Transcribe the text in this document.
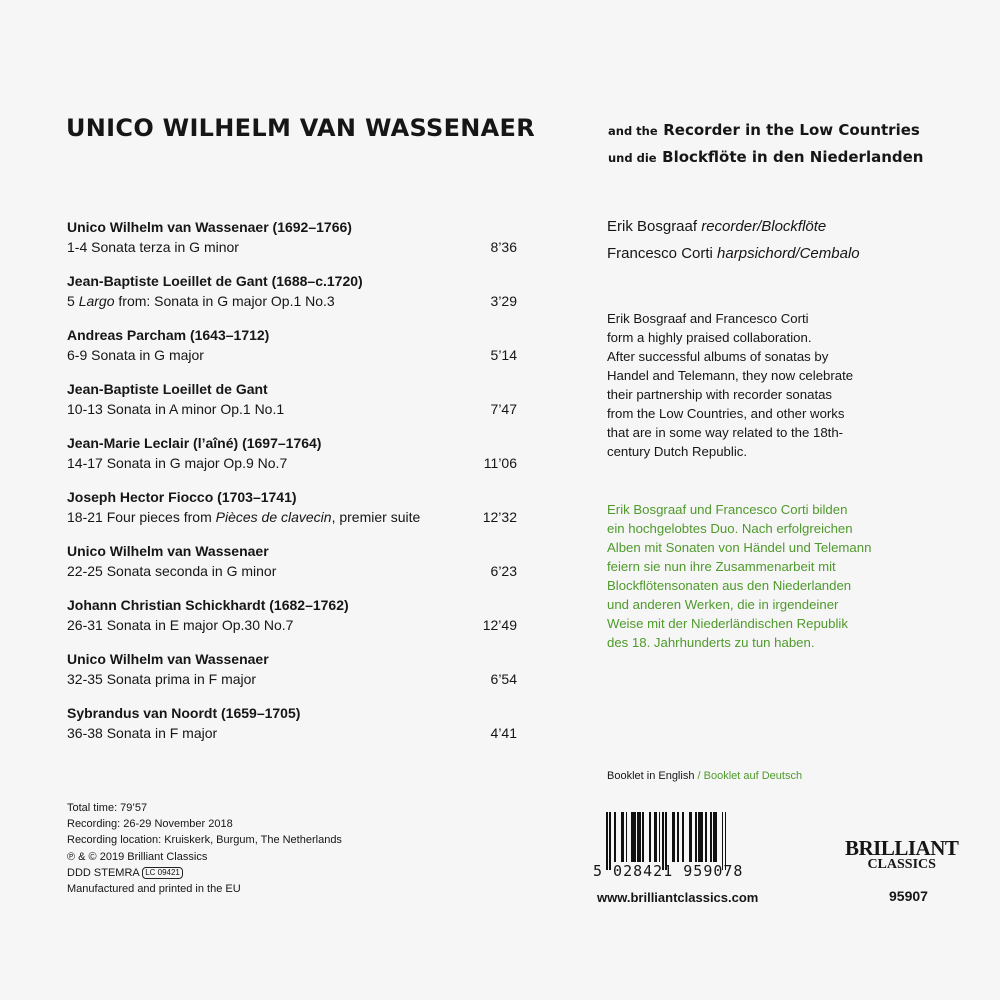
UNICO WILHELM VAN WASSENAER	and the Recorder in the Low Countries
und die Blockflöte in den Niederlanden
Unico Wilhelm van Wassenaer (1692–1766)
1-4 Sonata terza in G minor	8’36
Jean-Baptiste Loeillet de Gant (1688–c.1720)
5 Largo from: Sonata in G major Op.1 No.3	3’29
Andreas Parcham (1643–1712)
6-9 Sonata in G major	5’14
Jean-Baptiste Loeillet de Gant
10-13 Sonata in A minor Op.1 No.1	7’47
Jean-Marie Leclair (l’aîné) (1697–1764)
14-17 Sonata in G major Op.9 No.7	11’06
Joseph Hector Fiocco (1703–1741)
18-21 Four pieces from Pièces de clavecin, premier suite	12’32
Unico Wilhelm van Wassenaer
22-25 Sonata seconda in G minor	6’23
Johann Christian Schickhardt (1682–1762)
26-31 Sonata in E major Op.30 No.7	12’49
Unico Wilhelm van Wassenaer
32-35 Sonata prima in F major	6’54
Sybrandus van Noordt (1659–1705)
36-38 Sonata in F major	4’41
Total time: 79’57
Recording: 26-29 November 2018
Recording location: Kruiskerk, Burgum, The Netherlands
℗ & © 2019 Brilliant Classics
DDD STEMRA LC 09421
Manufactured and printed in the EU
Erik Bosgraaf recorder/Blockflöte
Francesco Corti harpsichord/Cembalo

Erik Bosgraaf and Francesco Corti

form a highly praised collaboration.

After successful albums of sonatas by

Handel and Telemann, they now celebrate

their partnership with recorder sonatas

from the Low Countries, and other works

that are in some way related to the 18th-

century Dutch Republic.

Erik Bosgraaf und Francesco Corti bilden

ein hochgelobtes Duo. Nach erfolgreichen

Alben mit Sonaten von Händel und Telemann

feiern sie nun ihre Zusammenarbeit mit

Blockflötensonaten aus den Niederlanden

und anderen Werken, die in irgendeiner

Weise mit der Niederländischen Republik

des 18. Jahrhunderts zu tun haben.

Booklet in English / Booklet auf Deutsch
5 028421 959078
www.brilliantclassics.com
BRILLIANT
CLASSICS
95907
